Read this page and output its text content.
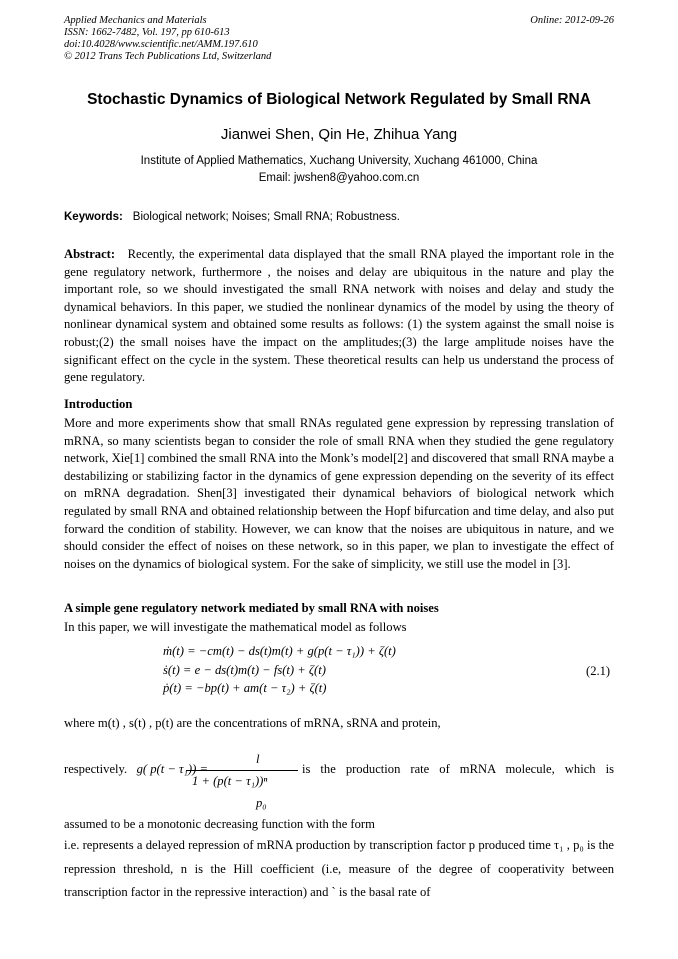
Applied Mechanics and Materials
ISSN: 1662-7482, Vol. 197, pp 610-613
doi:10.4028/www.scientific.net/AMM.197.610
© 2012 Trans Tech Publications Ltd, Switzerland
Online: 2012-09-26
Stochastic Dynamics of Biological Network Regulated by Small RNA
Jianwei Shen, Qin He, Zhihua Yang
Institute of Applied Mathematics, Xuchang University, Xuchang 461000, China
Email: jwshen8@yahoo.com.cn
Keywords: Biological network; Noises; Small RNA; Robustness.
Abstract: Recently, the experimental data displayed that the small RNA played the important role in the gene regulatory network, furthermore , the noises and delay are ubiquitous in the nature and play the important role, so we should investigated the small RNA network with noises and delay and study the dynamical behaviors. In this paper, we studied the nonlinear dynamics of the model by using the theory of nonlinear dynamical system and obtained some results as follows: (1) the system against the small noise is robust;(2) the small noises have the impact on the amplitudes;(3) the large amplitude noises have the significant effect on the cycle in the system. These theoretical results can help us understand the process of gene regulatory.
Introduction
More and more experiments show that small RNAs regulated gene expression by repressing translation of mRNA, so many scientists began to consider the role of small RNA when they studied the gene regulatory network, Xie[1] combined the small RNA into the Monk’s model[2] and discovered that small RNA maybe a destabilizing or stabilizing factor in the dynamics of gene expression depending on the severity of its effect on mRNA degradation. Shen[3] investigated their dynamical behaviors of biological network which regulated by small RNA and obtained relationship between the Hopf bifurcation and time delay, and also put forward the condition of stability. However, we can know that the noises are ubiquitous in nature, and we should consider the effect of noises on these network, so in this paper, we plan to investigate the effect of noises on the dynamics of biological system. For the sake of simplicity, we still use the model in [3].
A simple gene regulatory network mediated by small RNA with noises
In this paper, we will investigate the mathematical model as follows
ṁ(t) = −cm(t) − ds(t)m(t) + g(p(t − τ₁)) + ζ(t)
ṡ(t) = e − ds(t)m(t) − fs(t) + ζ(t)
ṗ(t) = −bp(t) + am(t − τ₂) + ζ(t)
(2.1)
where m(t) , s(t) , p(t) are the concentrations of mRNA, sRNA and protein,
respectively. g( p(t − τ₁)) =
l
1 + (p(t − τ₁))ⁿ
p₀
is the production rate of mRNA molecule, which is
assumed to be a monotonic decreasing function with the form
i.e. represents a delayed repression of mRNA production by transcription factor p produced time τ₁ , p₀ is the repression threshold, n is the Hill coefficient (i.e, measure of the degree of cooperativity between transcription factor in the repressive interaction) and ` is the basal rate of
